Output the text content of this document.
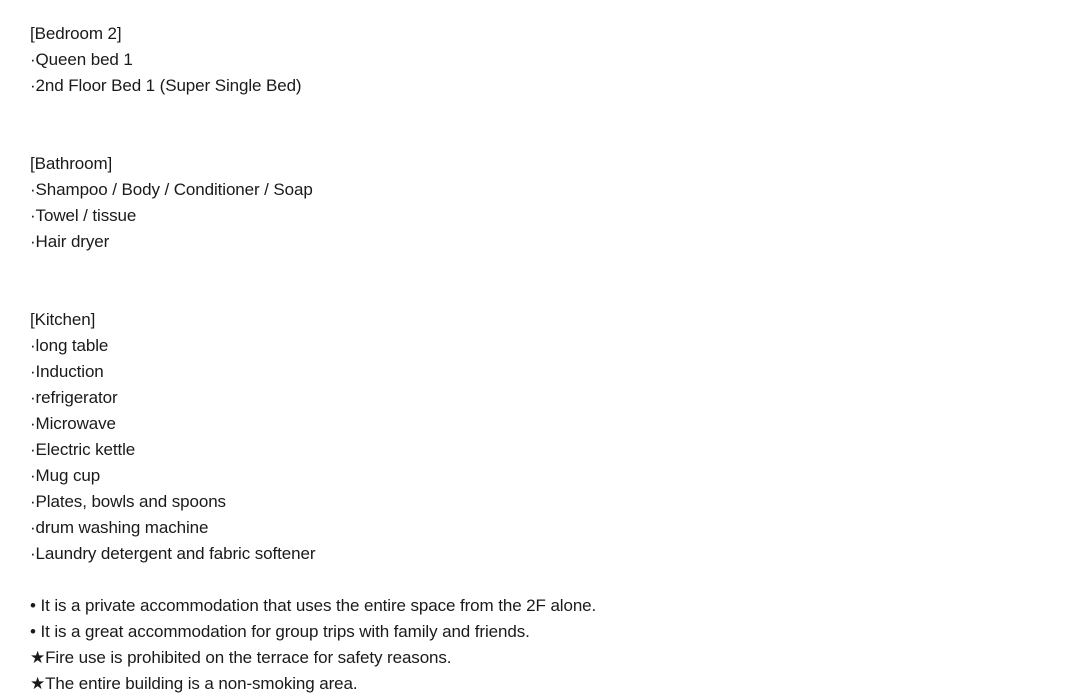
[Bedroom 2]
·Queen bed 1
·2nd Floor Bed 1 (Super Single Bed)
[Bathroom]
·Shampoo / Body / Conditioner / Soap
·Towel / tissue
·Hair dryer
[Kitchen]
·long table
·Induction
·refrigerator
·Microwave
·Electric kettle
·Mug cup
·Plates, bowls and spoons
·drum washing machine
·Laundry detergent and fabric softener
• It is a private accommodation that uses the entire space from the 2F alone.
• It is a great accommodation for group trips with family and friends.
★Fire use is prohibited on the terrace for safety reasons.
★The entire building is a non-smoking area.
